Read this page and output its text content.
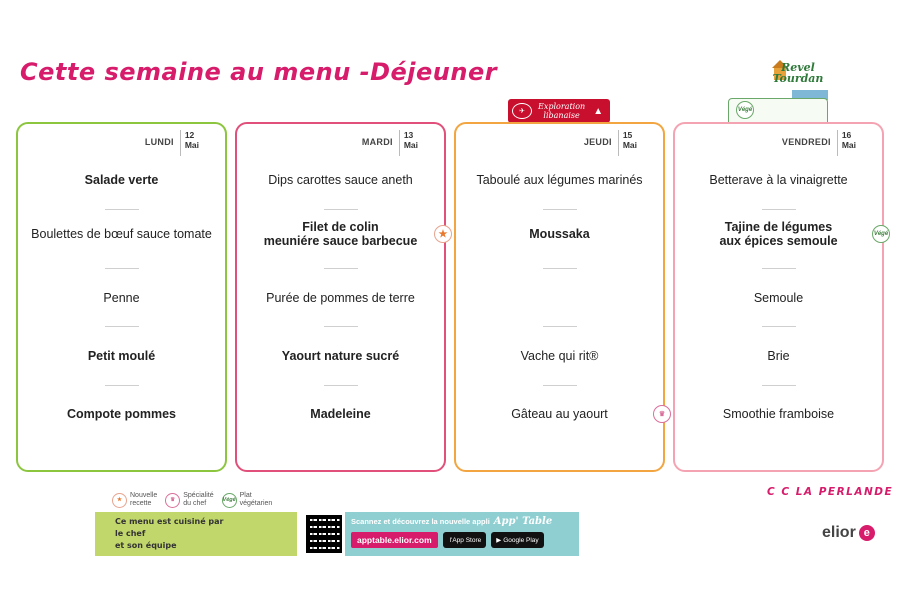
Cette semaine au menu -Déjeuner	Revel
Tourdan
Végé
✈
Exploration
libanaise	▲
LUNDI
12
Mai
Salade verte
Boulettes de bœuf sauce tomate
Penne
Petit moulé
Compote pommes
MARDI
13
Mai
Dips carottes sauce aneth
Filet de colin
meuniére sauce barbecue	★
Purée de pommes de terre
Yaourt nature sucré
Madeleine
JEUDI
15
Mai
Taboulé aux légumes marinés
Moussaka
Vache qui rit®
Gâteau au yaourt	♛
VENDREDI
16
Mai
Betterave à la vinaigrette
Tajine de légumes
aux épices semoule	Végé
Semoule
Brie
Smoothie framboise
★
Nouvelle
recette	♛
Spécialité
du chef	Végé
Plat
végétarien
Ce menu est cuisiné par
le chef
et son équipe
Scannez et découvrez la nouvelle appli App' Table
apptable.elior.com	l'App Store ▶ Google Play
C C LA PERLANDE
elior e
